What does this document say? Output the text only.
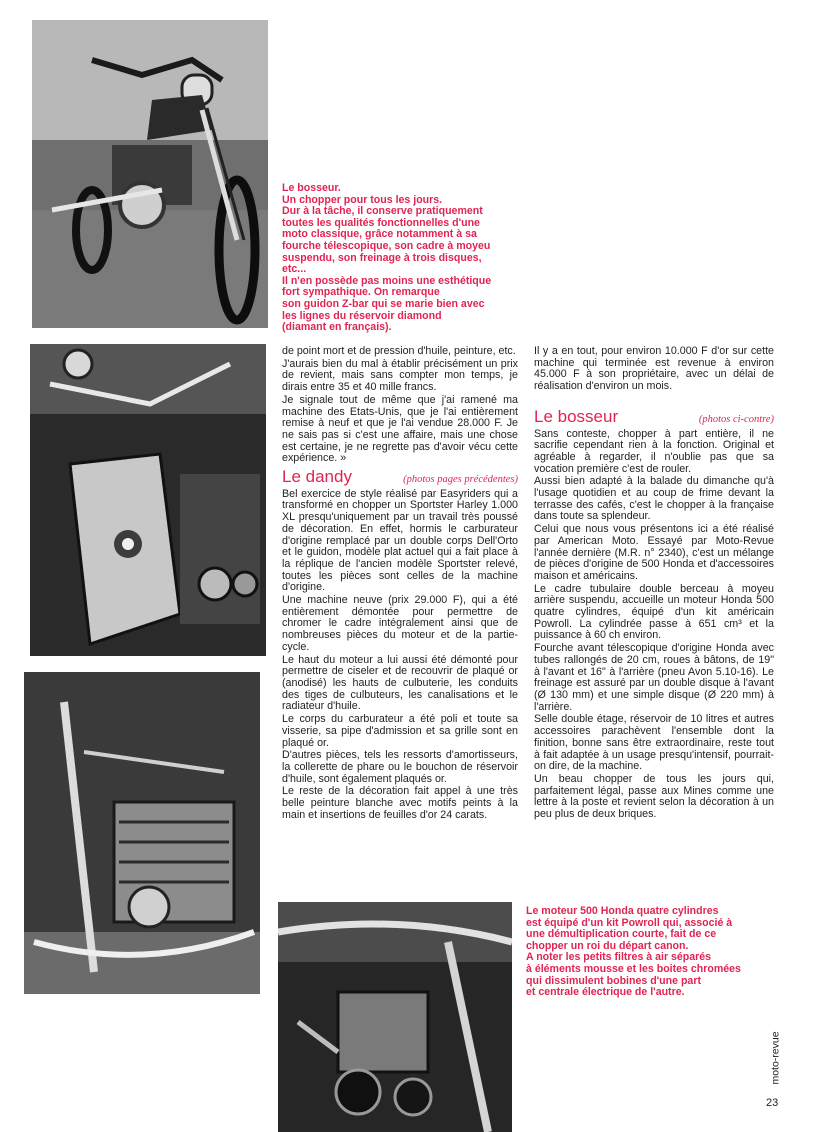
Le bosseur.

Un chopper pour tous les jours.

Dur à la tâche, il conserve pratiquement

toutes les qualités fonctionnelles d'une

moto classique, grâce notamment à sa

fourche télescopique, son cadre à moyeu

suspendu, son freinage à trois disques,

etc...

Il n'en possède pas moins une esthétique

fort sympathique. On remarque

son guidon Z-bar qui se marie bien avec

les lignes du réservoir diamond

(diamant en français).

de point mort et de pression d'huile, peinture, etc.

J'aurais bien du mal à établir précisément un prix de revient, mais sans compter mon temps, je dirais entre 35 et 40 mille francs.

Je signale tout de même que j'ai ramené ma machine des Etats-Unis, que je l'ai entièrement remise à neuf et que je l'ai vendue 28.000 F. Je ne sais pas si c'est une affaire, mais une chose est certaine, je ne regrette pas d'avoir vécu cette expérience. »

Le dandy	(photos pages précédentes)

Bel exercice de style réalisé par Easyriders qui a transformé en chopper un Sportster Harley 1.000 XL presqu'uniquement par un travail très poussé de décoration. En effet, hormis le carburateur d'origine remplacé par un double corps Dell'Orto et le guidon, modèle plat actuel qui a fait place à la réplique de l'ancien modèle Sportster relevé, toutes les pièces sont celles de la machine d'origine.

Une machine neuve (prix 29.000 F), qui a été entièrement démontée pour permettre de chromer le cadre intégralement ainsi que de nombreuses pièces du moteur et de la partie-cycle.

Le haut du moteur a lui aussi été démonté pour permettre de ciseler et de recouvrir de plaqué or (anodisé) les hauts de culbuterie, les conduits des tiges de culbuteurs, les canalisations et le radiateur d'huile.

Le corps du carburateur a été poli et toute sa visserie, sa pipe d'admission et sa grille sont en plaqué or.

D'autres pièces, tels les ressorts d'amortisseurs, la collerette de phare ou le bouchon de réservoir d'huile, sont également plaqués or.

Le reste de la décoration fait appel à une très belle peinture blanche avec motifs peints à la main et insertions de feuilles d'or 24 carats.

Il y a en tout, pour environ 10.000 F d'or sur cette machine qui terminée est revenue à environ 45.000 F à son propriétaire, avec un délai de réalisation d'environ un mois.

Le bosseur	(photos ci-contre)

Sans conteste, chopper à part entière, il ne sacrifie cependant rien à la fonction. Original et agréable à regarder, il n'oublie pas que sa vocation première c'est de rouler.

Aussi bien adapté à la balade du dimanche qu'à l'usage quotidien et au coup de frime devant la terrasse des cafés, c'est le chopper à la française dans toute sa splendeur.

Celui que nous vous présentons ici a été réalisé par American Moto. Essayé par Moto-Revue l'année dernière (M.R. n° 2340), c'est un mélange de pièces d'origine de 500 Honda et d'accessoires maison et américains.

Le cadre tubulaire double berceau à moyeu arrière suspendu, accueille un moteur Honda 500 quatre cylindres, équipé d'un kit américain Powroll. La cylindrée passe à 651 cm³ et la puissance à 60 ch environ.

Fourche avant télescopique d'origine Honda avec tubes rallongés de 20 cm, roues à bâtons, de 19" à l'avant et 16" à l'arrière (pneu Avon 5.10-16). Le freinage est assuré par un double disque à l'avant (Ø 130 mm) et une simple disque (Ø 220 mm) à l'arrière.

Selle double étage, réservoir de 10 litres et autres accessoires parachèvent l'ensemble dont la finition, bonne sans être extraordinaire, reste tout à fait adaptée à un usage presqu'intensif, pourrait-on dire, de la machine.

Un beau chopper de tous les jours qui, parfaitement légal, passe aux Mines comme une lettre à la poste et revient selon la décoration à un peu plus de deux briques.

Le moteur 500 Honda quatre cylindres

est équipé d'un kit Powroll qui, associé à

une démultiplication courte, fait de ce

chopper un roi du départ canon.

A noter les petits filtres à air séparés

à éléments mousse et les boites chromées

qui dissimulent bobines d'une part

et centrale électrique de l'autre.

moto-revue
23
